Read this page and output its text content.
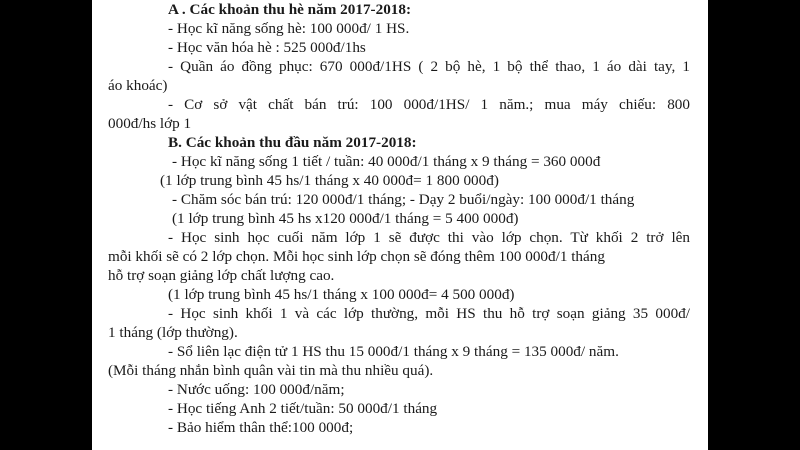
A . Các khoản thu hè năm 2017-2018:
- Học kĩ năng sống hè: 100 000đ/ 1 HS.
- Học văn hóa hè : 525 000đ/1hs
- Quần áo đồng phục: 670 000đ/1HS ( 2 bộ hè, 1 bộ thể thao, 1 áo dài tay, 1
áo khoác)
- Cơ sở vật chất bán trú: 100 000đ/1HS/ 1 năm.; mua máy chiếu: 800
000đ/hs lớp 1
B. Các khoản thu đầu năm 2017-2018:
- Học kĩ năng sống 1 tiết / tuần: 40 000đ/1 tháng x 9 tháng = 360 000đ
(1 lớp trung bình 45 hs/1 tháng x 40 000đ= 1 800 000đ)
- Chăm sóc bán trú: 120 000đ/1 tháng; - Dạy 2 buổi/ngày: 100 000đ/1 tháng
(1 lớp trung bình 45 hs x120 000đ/1 tháng = 5 400 000đ)
- Học sinh học cuối năm lớp 1 sẽ được thi vào lớp chọn. Từ khối 2 trở lên
mỗi khối sẽ có 2 lớp chọn. Mỗi học sinh lớp chọn sẽ đóng thêm 100 000đ/1 tháng
hỗ trợ soạn giảng lớp chất lượng cao.
(1 lớp trung bình 45 hs/1 tháng x 100 000đ= 4 500 000đ)
- Học sinh khối 1 và các lớp thường, mỗi HS thu hỗ trợ soạn giảng 35 000đ/
1 tháng (lớp thường).
- Sổ liên lạc điện tử 1 HS thu 15 000đ/1 tháng x 9 tháng = 135 000đ/ năm.
(Mỗi tháng nhắn bình quân vài tin mà thu nhiều quá).
- Nước uống: 100 000đ/năm;
- Học tiếng Anh 2 tiết/tuần: 50 000đ/1 tháng
- Bảo hiểm thân thể:100 000đ;
